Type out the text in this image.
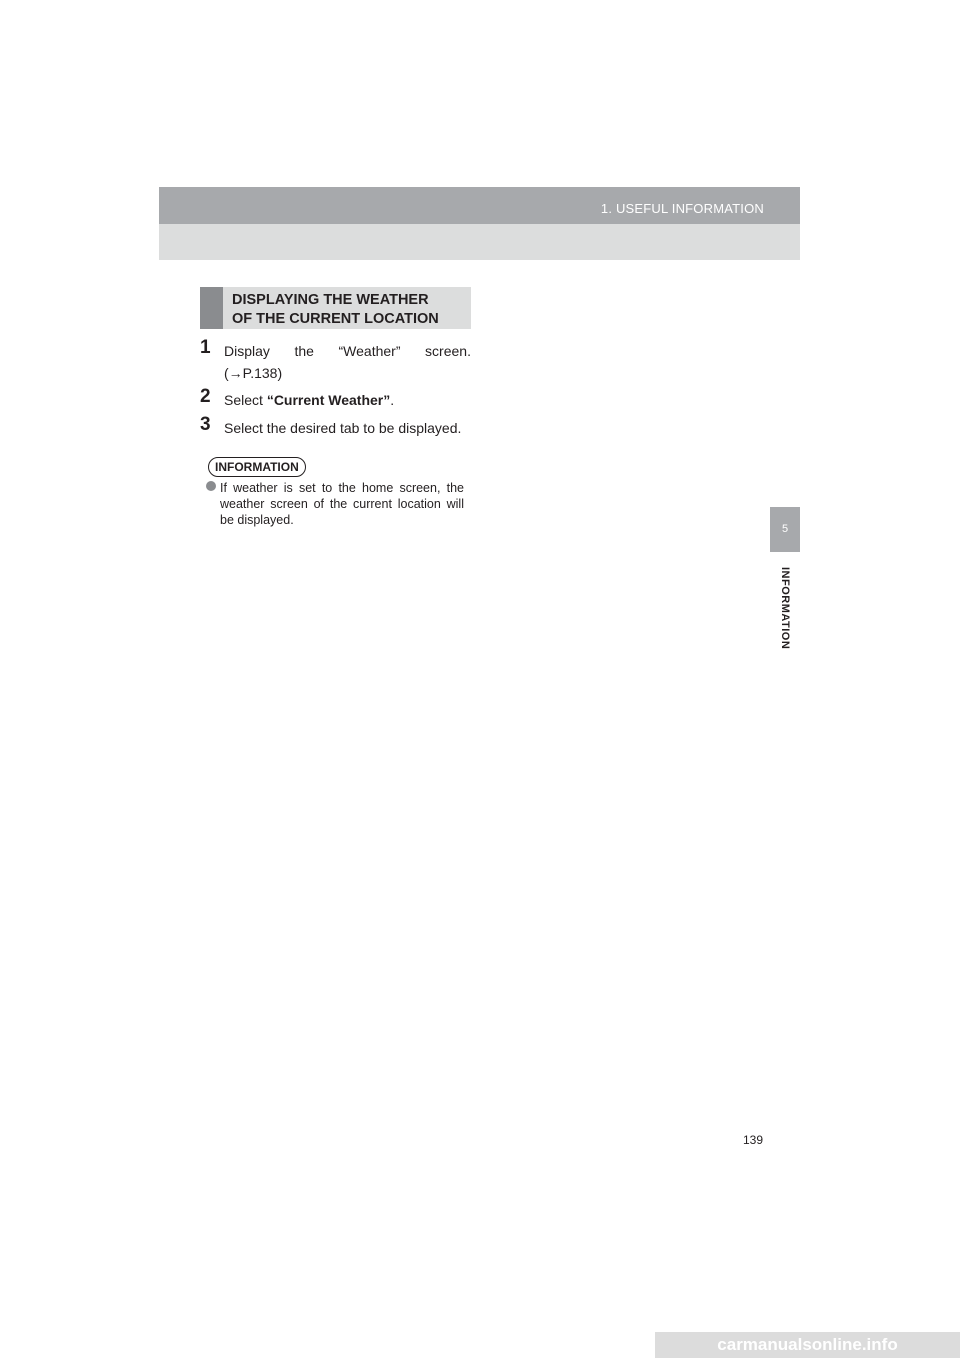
1. USEFUL INFORMATION
5
INFORMATION
DISPLAYING THE WEATHER
OF THE CURRENT LOCATION
1 Display the “Weather” screen.
(→P.138)
2 Select “Current Weather”.
3 Select the desired tab to be displayed.
INFORMATION
If weather is set to the home screen, the weather screen of the current location will be displayed.
139
carmanualsonline.info
